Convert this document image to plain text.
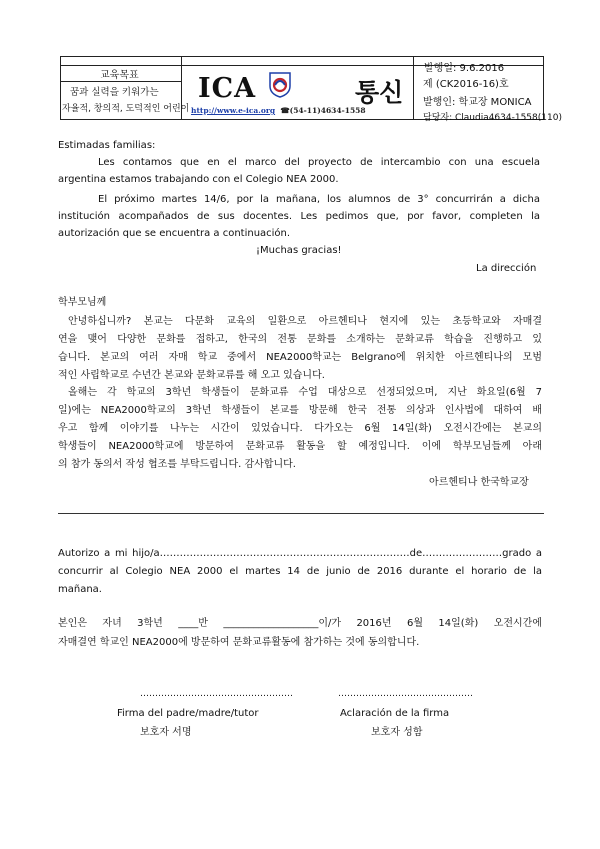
교육목표
꿈과 실력을 키워가는
자율적, 창의적, 도덕적인 어린이
ICA	통신
http://www.e-ica.org ☎(54-11)4634-1558
발행일: 9.6.2016
제 (CK2016-16)호
발행인: 학교장 MONICA
담당자: Claudia4634-1558(110)
Estimadas familias:
Les contamos que en el marco del proyecto de intercambio con una escuela
argentina estamos trabajando con el Colegio NEA 2000.
El próximo martes 14/6, por la mañana, los alumnos de 3° concurrirán a dicha
institución acompañados de sus docentes. Les pedimos que, por favor, completen la
autorización que se encuentra a continuación.
¡Muchas gracias!
La dirección
학부모님께
안녕하십니까? 본교는 다문화 교육의 일환으로 아르헨티나 현지에 있는 초등학교와 자매결
연을 맺어 다양한 문화를 접하고, 한국의 전통 문화를 소개하는 문화교류 학습을 진행하고 있
습니다. 본교의 여러 자매 학교 중에서 NEA2000학교는 Belgrano에 위치한 아르헨티나의 모범
적인 사립학교로 수년간 본교와 문화교류를 해 오고 있습니다.
올해는 각 학교의 3학년 학생들이 문화교류 수업 대상으로 선정되었으며, 지난 화요일(6월 7
일)에는 NEA2000학교의 3학년 학생들이 본교를 방문해 한국 전통 의상과 인사법에 대하여 배
우고 함께 이야기를 나누는 시간이 있었습니다. 다가오는 6월 14일(화) 오전시간에는 본교의
학생들이 NEA2000학교에 방문하여 문화교류 활동을 할 예정입니다. 이에 학부모님들께 아래
의 참가 동의서 작성 협조를 부탁드립니다. 감사합니다.
아르헨티나 한국학교장
Autorizo a mi hijo/a…………………………………………………………………de……………………grado a
concurrir al Colegio NEA 2000 el martes 14 de junio de 2016 durante el horario de la
mañana.
본인은 자녀 3학년 ____반 ___________________이/가 2016년 6월 14일(화) 오전시간에
자매결연 학교인 NEA2000에 방문하여 문화교류활동에 참가하는 것에 동의합니다.
……………………………………………	………………………………………
Firma del padre/madre/tutor	Aclaración de la firma
보호자 서명	보호자 성함
